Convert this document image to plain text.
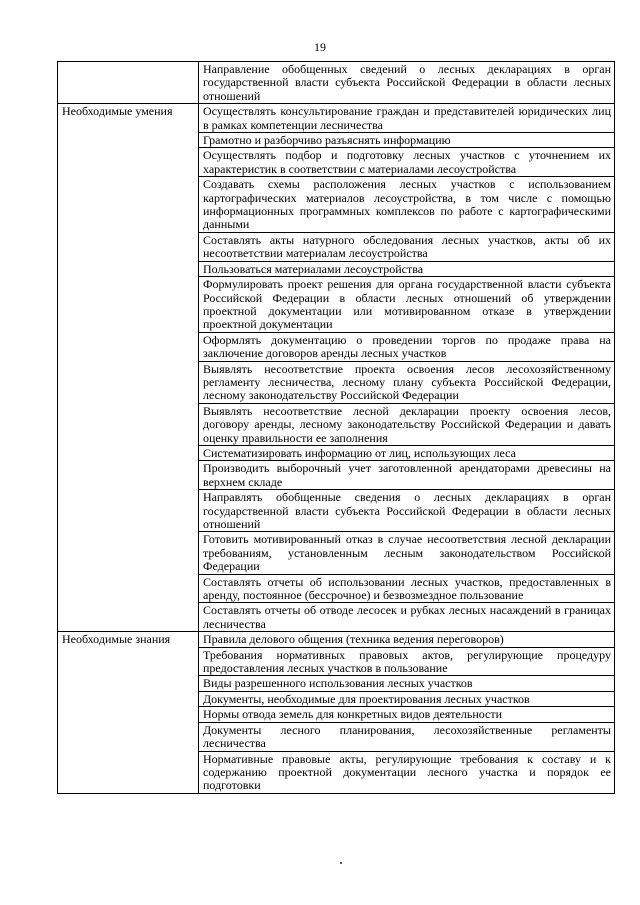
19
	Направление обобщенных сведений о лесных декларациях в орган государственной власти субъекта Российской Федерации в области лесных отношений
Необходимые умения	Осуществлять консультирование граждан и представителей юридических лиц в рамках компетенции лесничества
	Грамотно и разборчиво разъяснять информацию
	Осуществлять подбор и подготовку лесных участков с уточнением их характеристик в соответствии с материалами лесоустройства
	Создавать схемы расположения лесных участков с использованием картографических материалов лесоустройства, в том числе с помощью информационных программных комплексов по работе с картографическими данными
	Составлять акты натурного обследования лесных участков, акты об их несоответствии материалам лесоустройства
	Пользоваться материалами лесоустройства
	Формулировать проект решения для органа государственной власти субъекта Российской Федерации в области лесных отношений об утверждении проектной документации или мотивированном отказе в утверждении проектной документации
	Оформлять документацию о проведении торгов по продаже права на заключение договоров аренды лесных участков
	Выявлять несоответствие проекта освоения лесов лесохозяйственному регламенту лесничества, лесному плану субъекта Российской Федерации, лесному законодательству Российской Федерации
	Выявлять несоответствие лесной декларации проекту освоения лесов, договору аренды, лесному законодательству Российской Федерации и давать оценку правильности ее заполнения
	Систематизировать информацию от лиц, использующих леса
	Производить выборочный учет заготовленной арендаторами древесины на верхнем складе
	Направлять обобщенные сведения о лесных декларациях в орган государственной власти субъекта Российской Федерации в области лесных отношений
	Готовить мотивированный отказ в случае несоответствия лесной декларации требованиям, установленным лесным законодательством Российской Федерации
	Составлять отчеты об использовании лесных участков, предоставленных в аренду, постоянное (бессрочное) и безвозмездное пользование
	Составлять отчеты об отводе лесосек и рубках лесных насаждений в границах лесничества
Необходимые знания	Правила делового общения (техника ведения переговоров)
	Требования нормативных правовых актов, регулирующие процедуру предоставления лесных участков в пользование
	Виды разрешенного использования лесных участков
	Документы, необходимые для проектирования лесных участков
	Нормы отвода земель для конкретных видов деятельности
	Документы лесного планирования, лесохозяйственные регламенты лесничества
	Нормативные правовые акты, регулирующие требования к составу и к содержанию проектной документации лесного участка и порядок ее подготовки
